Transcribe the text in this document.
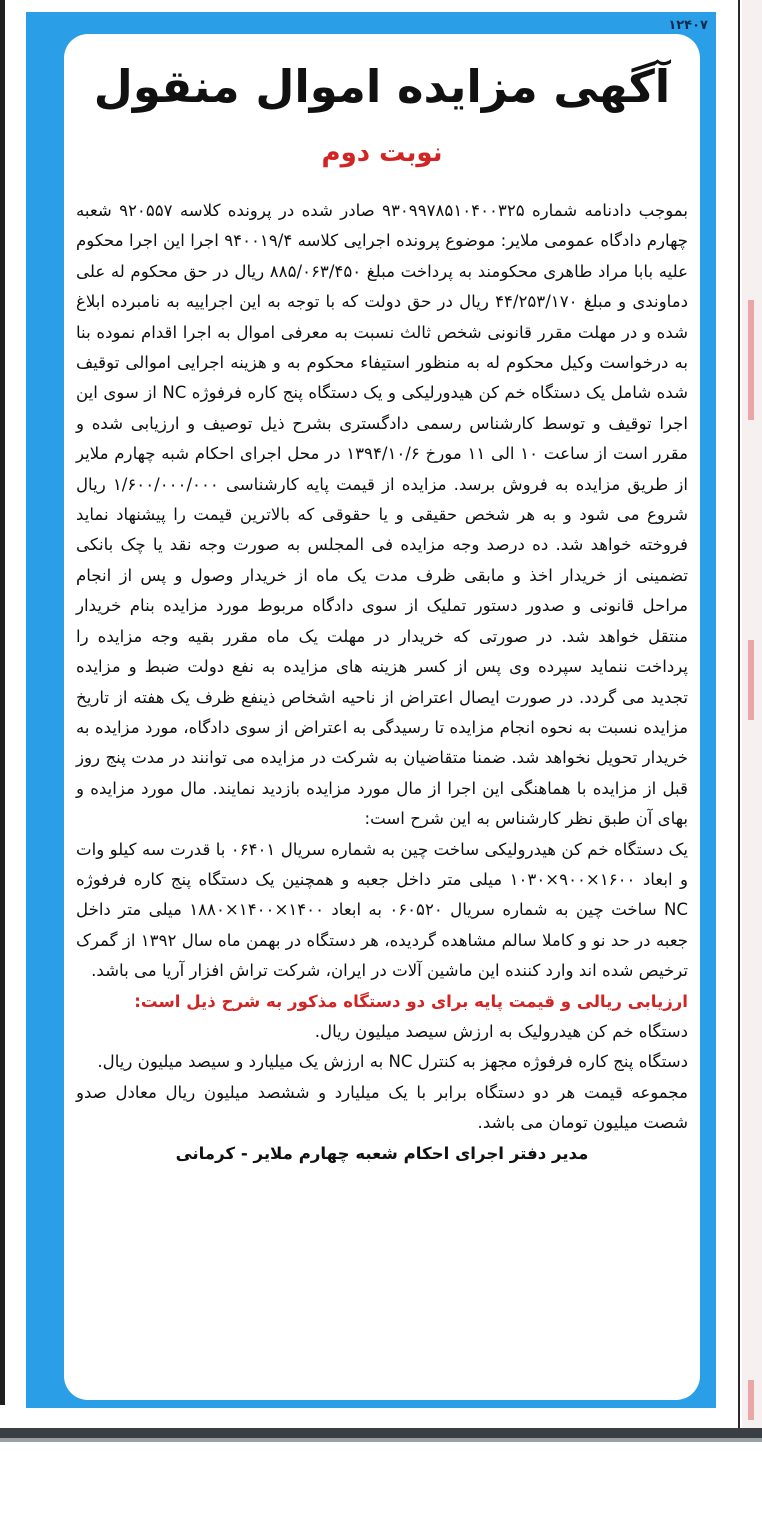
۱۲۴۰۷
آگهی مزایده اموال منقول
نوبت دوم

بموجب دادنامه شماره ۹۳۰۹۹۷۸۵۱۰۴۰۰۳۲۵ صادر شده در پرونده کلاسه ۹۲۰۵۵۷ شعبه چهارم دادگاه عمومی ملایر: موضوع پرونده اجرایی کلاسه ۹۴۰۰۱۹/۴ اجرا این اجرا محکوم علیه بابا مراد طاهری محکومند به پرداخت مبلغ ۸۸۵/۰۶۳/۴۵۰ ریال در حق محکوم له علی دماوندی و مبلغ ۴۴/۲۵۳/۱۷۰ ریال در حق دولت که با توجه به این اجراییه به نامبرده ابلاغ شده و در مهلت مقرر قانونی شخص ثالث نسبت به معرفی اموال به اجرا اقدام نموده بنا به درخواست وکیل محکوم له به منظور استیفاء محکوم به و هزینه اجرایی اموالی توقیف شده شامل یک دستگاه خم کن هیدورلیکی و یک دستگاه پنج کاره فرفوژه NC از سوی این اجرا توقیف و توسط کارشناس رسمی دادگستری بشرح ذیل توصیف و ارزیابی شده و مقرر است از ساعت ۱۰ الی ۱۱ مورخ ۱۳۹۴/۱۰/۶ در محل اجرای احکام شبه چهارم ملایر از طریق مزایده به فروش برسد. مزایده از قیمت پایه کارشناسی ۱/۶۰۰/۰۰۰/۰۰۰ ریال شروع می شود و به هر شخص حقیقی و یا حقوقی که بالاترین قیمت را پیشنهاد نماید فروخته خواهد شد. ده درصد وجه مزایده فی المجلس به صورت وجه نقد یا چک بانکی تضمینی از خریدار اخذ و مابقی ظرف مدت یک ماه از خریدار وصول و پس از انجام مراحل قانونی و صدور دستور تملیک از سوی دادگاه مربوط مورد مزایده بنام خریدار منتقل خواهد شد. در صورتی که خریدار در مهلت یک ماه مقرر بقیه وجه مزایده را پرداخت ننماید سپرده وی پس از کسر هزینه های مزایده به نفع دولت ضبط و مزایده تجدید می گردد. در صورت ایصال اعتراض از ناحیه اشخاص ذینفع ظرف یک هفته از تاریخ مزایده نسبت به نحوه انجام مزایده تا رسیدگی به اعتراض از سوی دادگاه، مورد مزایده به خریدار تحویل نخواهد شد. ضمنا متقاضیان به شرکت در مزایده می توانند در مدت پنج روز قبل از مزایده با هماهنگی این اجرا از مال مورد مزایده بازدید نمایند. مال مورد مزایده و بهای آن طبق نظر کارشناس به این شرح است:

یک دستگاه خم کن هیدرولیکی ساخت چین به شماره سریال ۰۶۴۰۱ با قدرت سه کیلو وات و ابعاد ۱۶۰۰×۹۰۰×۱۰۳۰ میلی متر داخل جعبه و همچنین یک دستگاه پنج کاره فرفوژه NC ساخت چین به شماره سریال ۰۶۰۵۲۰ به ابعاد ۱۴۰۰×۱۴۰۰×۱۸۸۰ میلی متر داخل جعبه در حد نو و کاملا سالم مشاهده گردیده، هر دستگاه در بهمن ماه سال ۱۳۹۲ از گمرک ترخیص شده اند وارد کننده این ماشین آلات در ایران، شرکت تراش افزار آریا می باشد.

ارزیابی ریالی و قیمت پایه برای دو دستگاه مذکور به شرح ذیل است:

دستگاه خم کن هیدرولیک به ارزش سیصد میلیون ریال.

دستگاه پنج کاره فرفوژه مجهز به کنترل NC به ارزش یک میلیارد و سیصد میلیون ریال.

مجموعه قیمت هر دو دستگاه برابر با یک میلیارد و ششصد میلیون ریال معادل صدو شصت میلیون تومان می باشد.

مدیر دفتر اجرای احکام شعبه چهارم ملایر - کرمانی
